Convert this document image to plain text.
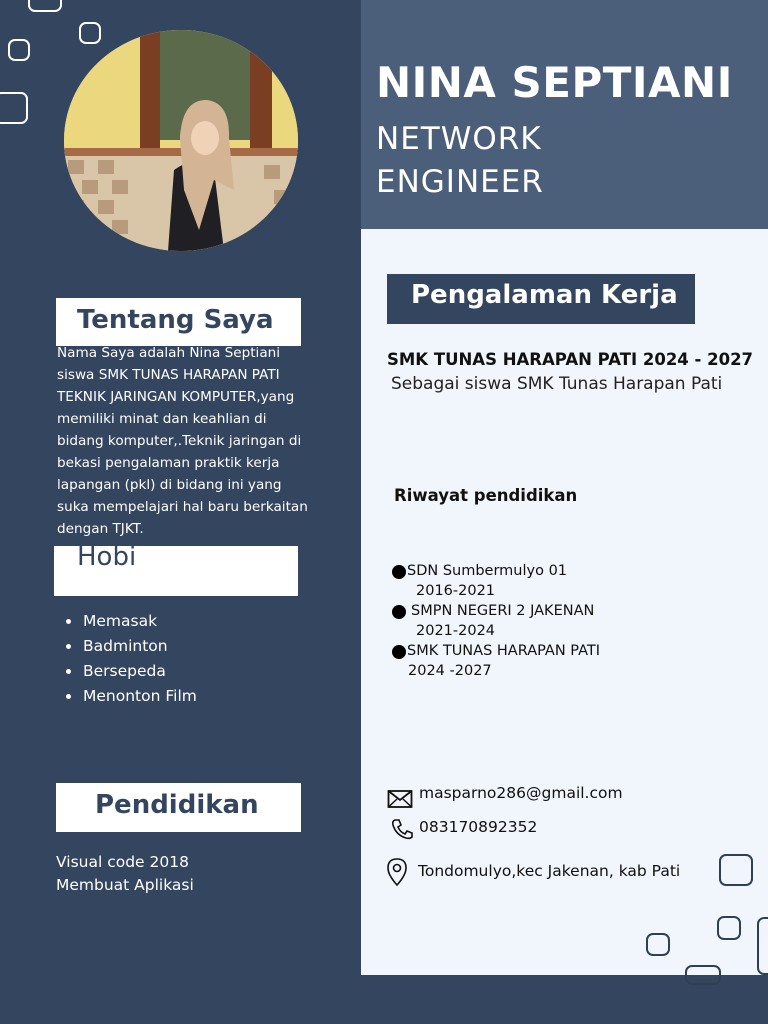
NINA SEPTIANI
NETWORK
ENGINEER
Tentang Saya
Nama Saya adalah Nina Septiani siswa SMK TUNAS HARAPAN PATI TEKNIK JARINGAN KOMPUTER,yang memiliki minat dan keahlian di bidang komputer,.Teknik jaringan di bekasi pengalaman praktik kerja lapangan (pkl) di bidang ini yang suka mempelajari hal baru berkaitan dengan TJKT.
Hobi
Memasak
Badminton
Bersepeda
Menonton Film
Pendidikan
Visual code 2018
Membuat Aplikasi
Pengalaman Kerja
SMK TUNAS HARAPAN PATI 2024 - 2027
Sebagai siswa SMK Tunas Harapan Pati
Riwayat pendidikan
SDN Sumbermulyo 01
2016-2021
SMPN NEGERI 2 JAKENAN
2021-2024
SMK TUNAS HARAPAN PATI
2024 -2027
masparno286@gmail.com
083170892352
Tondomulyo,kec Jakenan, kab Pati
